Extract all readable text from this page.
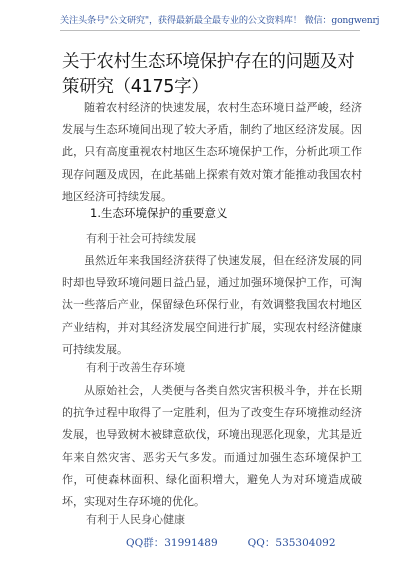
关注头条号"公文研究"，获得最新最全最专业的公文资料库！ 微信：gongwenrj
关于农村生态环境保护存在的问题及对策研究（4175字）
随着农村经济的快速发展，农村生态环境日益严峻，经济发展与生态环境间出现了较大矛盾，制约了地区经济发展。因此，只有高度重视农村地区生态环境保护工作，分析此项工作现存问题及成因，在此基础上探索有效对策才能推动我国农村地区经济可持续发展。
1.生态环境保护的重要意义
有利于社会可持续发展
虽然近年来我国经济获得了快速发展，但在经济发展的同时却也导致环境问题日益凸显，通过加强环境保护工作，可淘汰一些落后产业，保留绿色环保行业，有效调整我国农村地区产业结构，并对其经济发展空间进行扩展，实现农村经济健康可持续发展。
有利于改善生存环境
从原始社会，人类便与各类自然灾害积极斗争，并在长期的抗争过程中取得了一定胜利，但为了改变生存环境推动经济发展，也导致树木被肆意砍伐，环境出现恶化现象，尤其是近年来自然灾害、恶劣天气多发。而通过加强生态环境保护工作，可使森林面积、绿化面积增大，避免人为对环境造成破坏，实现对生存环境的优化。
有利于人民身心健康
QQ群：31991489	QQ：535304092
